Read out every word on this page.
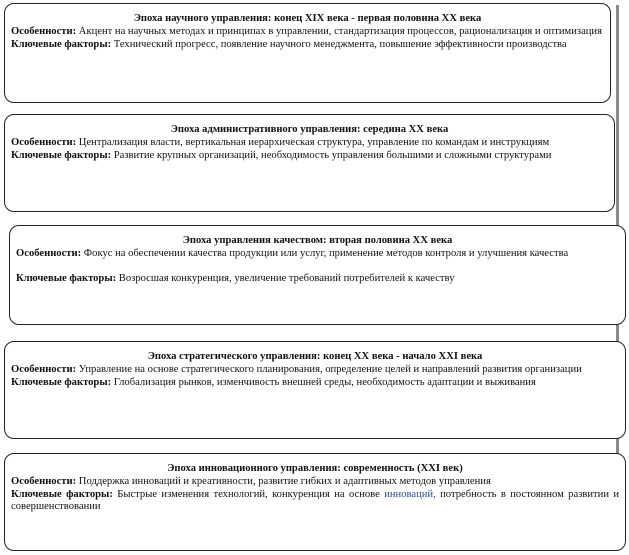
Эпоха научного управления: конец XIX века - первая половина XX века
Особенности: Акцент на научных методах и принципах в управлении, стандартизация процессов, рационализация и оптимизация
Ключевые факторы: Технический прогресс, появление научного менеджмента, повышение эффективности производства
Эпоха административного управления: середина XX века
Особенности: Централизация власти, вертикальная иерархическая структура, управление по командам и инструкциям
Ключевые факторы: Развитие крупных организаций, необходимость управления большими и сложными структурами
Эпоха управления качеством: вторая половина XX века
Особенности: Фокус на обеспечении качества продукции или услуг, применение методов контроля и улучшения качества
Ключевые факторы: Возросшая конкуренция, увеличение требований потребителей к качеству
Эпоха стратегического управления: конец XX века - начало XXI века
Особенности: Управление на основе стратегического планирования, определение целей и направлений развития организации
Ключевые факторы: Глобализация рынков, изменчивость внешней среды, необходимость адаптации и выживания
Эпоха инновационного управления: современность (XXI век)
Особенности: Поддержка инноваций и креативности, развитие гибких и адаптивных методов управления
Ключевые факторы: Быстрые изменения технологий, конкуренция на основе инноваций, потребность в постоянном развитии и совершенствовании
